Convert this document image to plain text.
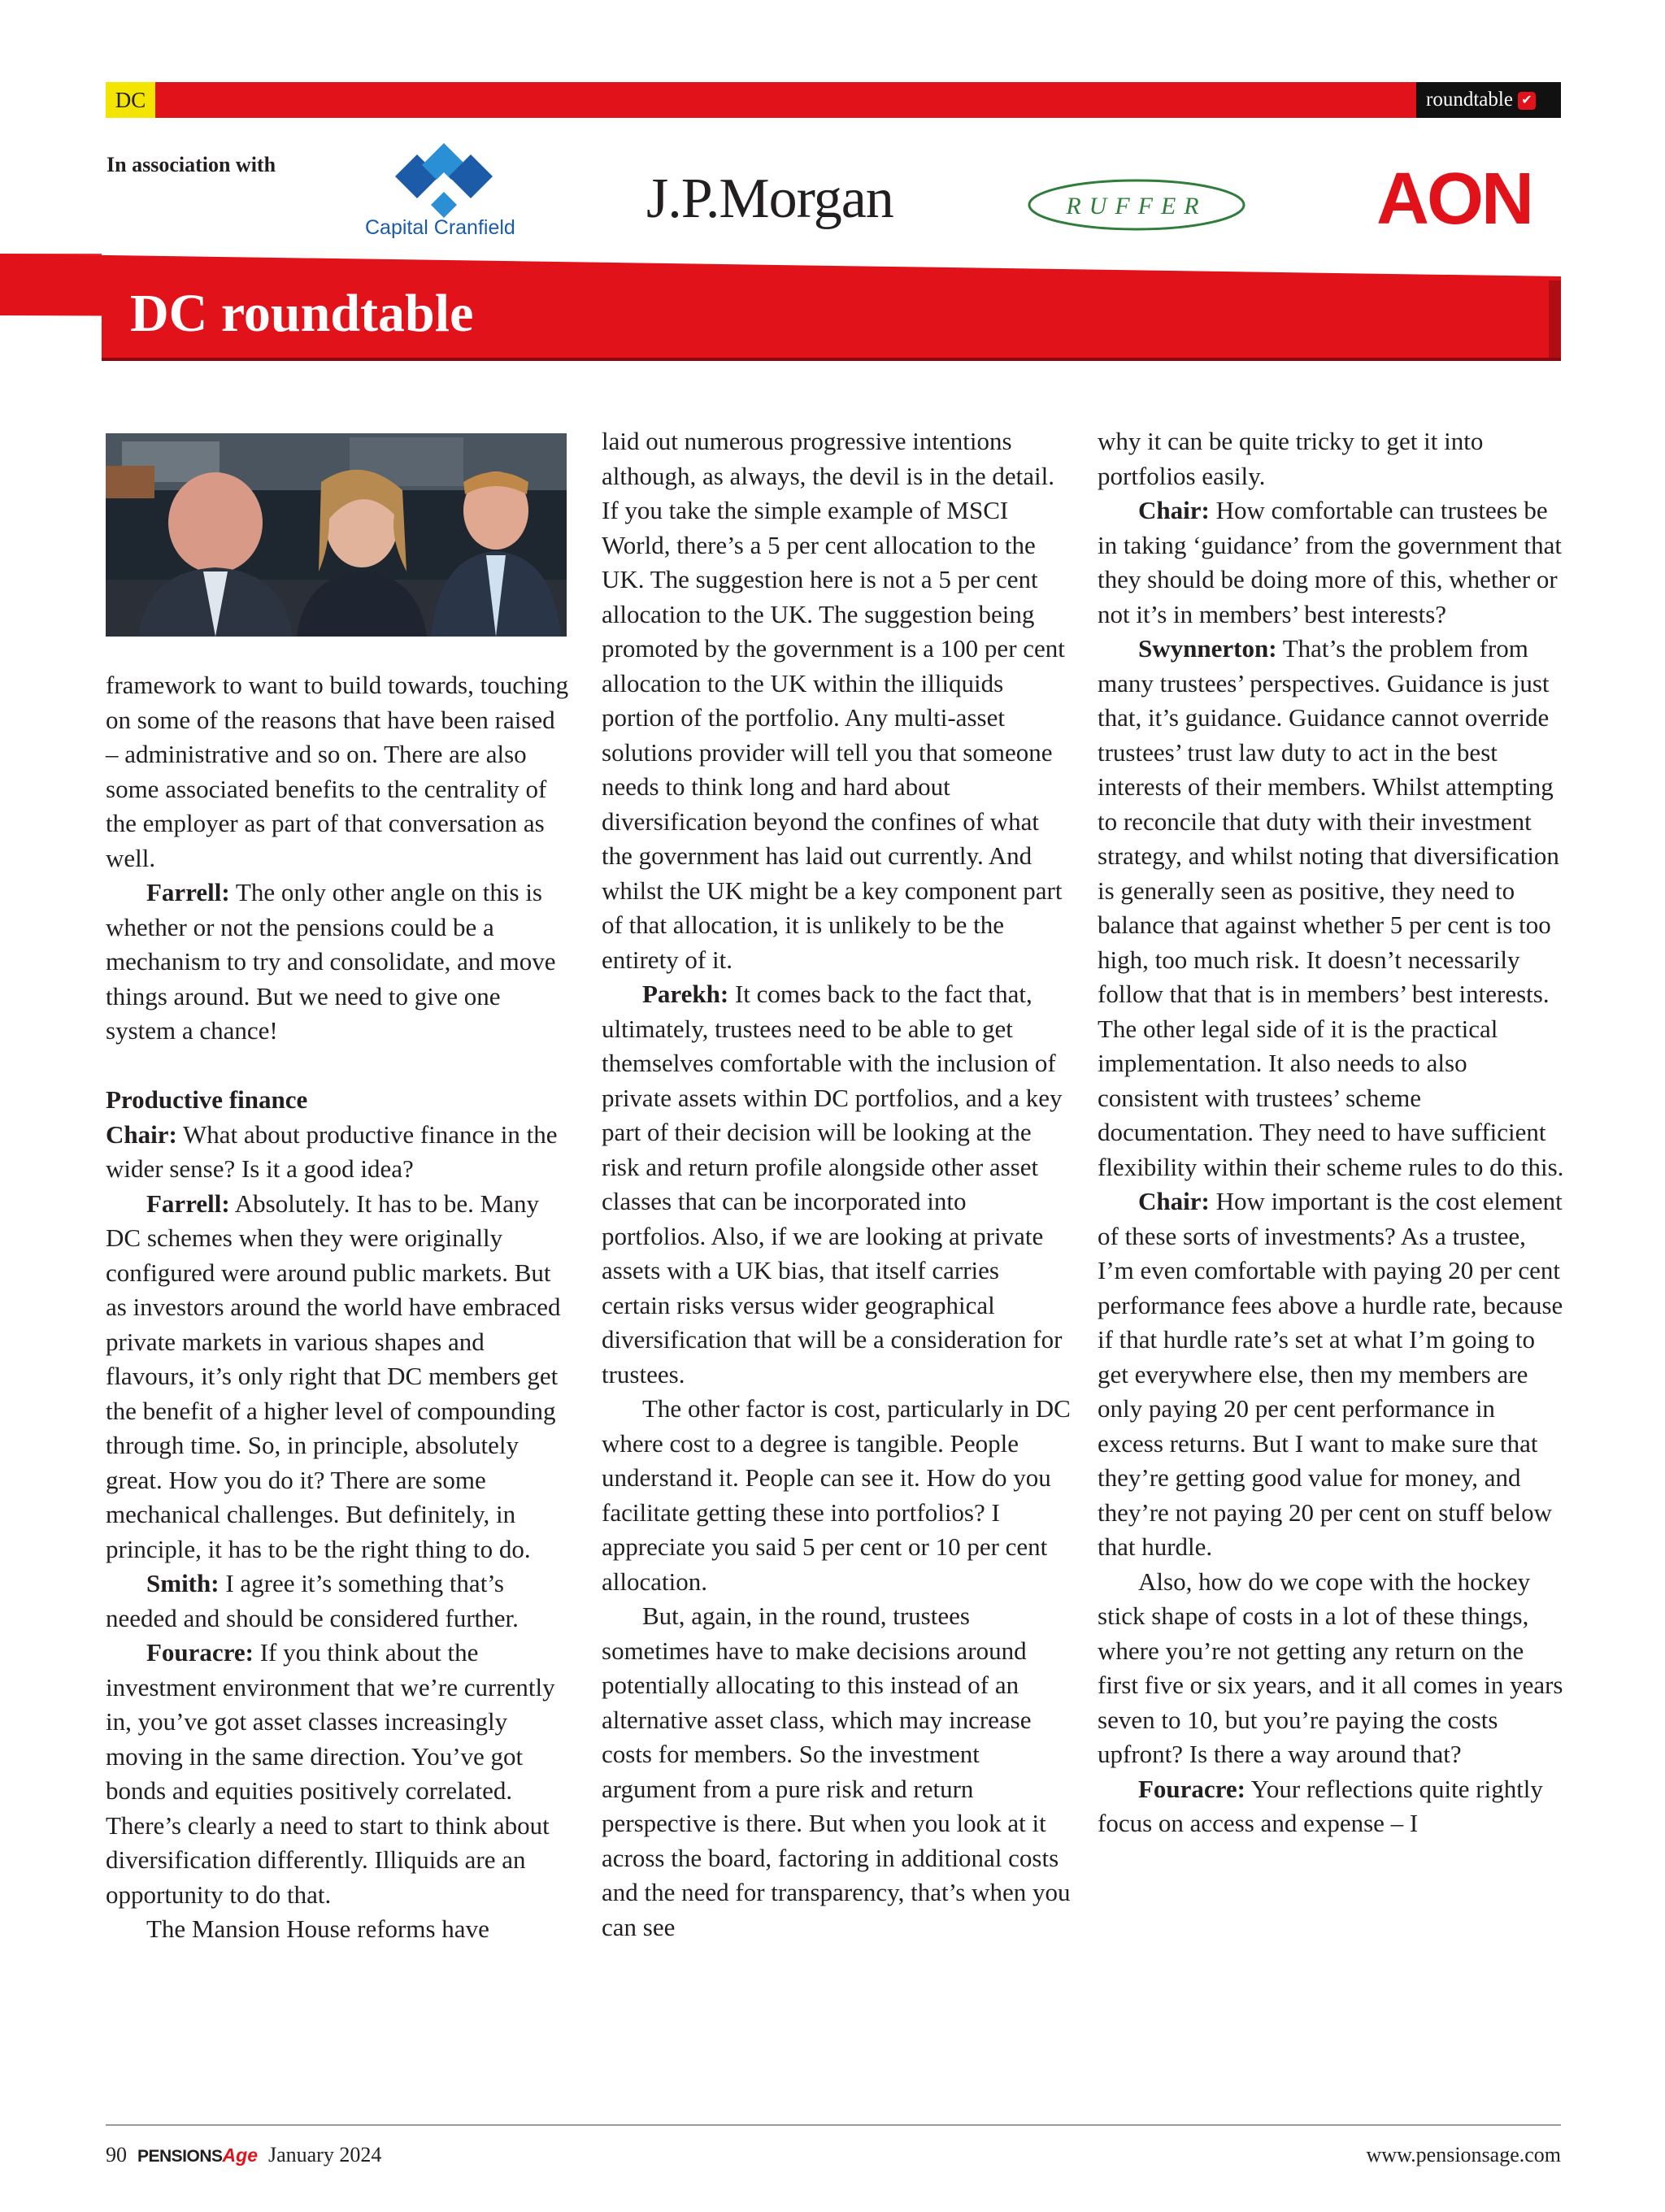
DC	roundtable ✔
In association with
Capital Cranfield J.P.Morgan	RUFFER AON
DC roundtable

framework to want to build towards, touching on some of the reasons that have been raised – administrative and so on. There are also some associated benefits to the centrality of the employer as part of that conversation as well.

Farrell: The only other angle on this is whether or not the pensions could be a mechanism to try and consolidate, and move things around. But we need to give one system a chance!

Productive finance

Chair: What about productive finance in the wider sense? Is it a good idea?

Farrell: Absolutely. It has to be. Many DC schemes when they were originally configured were around public markets. But as investors around the world have embraced private markets in various shapes and flavours, it’s only right that DC members get the benefit of a higher level of compounding through time. So, in principle, absolutely great. How you do it? There are some mechanical challenges. But definitely, in principle, it has to be the right thing to do.

Smith: I agree it’s something that’s needed and should be considered further.

Fouracre: If you think about the investment environment that we’re currently in, you’ve got asset classes increasingly moving in the same direction. You’ve got bonds and equities positively correlated. There’s clearly a need to start to think about diversification differently. Illiquids are an opportunity to do that.

The Mansion House reforms have

laid out numerous progressive intentions although, as always, the devil is in the detail. If you take the simple example of MSCI World, there’s a 5 per cent allocation to the UK. The suggestion here is not a 5 per cent allocation to the UK. The suggestion being promoted by the government is a 100 per cent allocation to the UK within the illiquids portion of the portfolio. Any multi-asset solutions provider will tell you that someone needs to think long and hard about diversification beyond the confines of what the government has laid out currently. And whilst the UK might be a key component part of that allocation, it is unlikely to be the entirety of it.

Parekh: It comes back to the fact that, ultimately, trustees need to be able to get themselves comfortable with the inclusion of private assets within DC portfolios, and a key part of their decision will be looking at the risk and return profile alongside other asset classes that can be incorporated into portfolios. Also, if we are looking at private assets with a UK bias, that itself carries certain risks versus wider geographical diversification that will be a consideration for trustees.

The other factor is cost, particularly in DC where cost to a degree is tangible. People understand it. People can see it. How do you facilitate getting these into portfolios? I appreciate you said 5 per cent or 10 per cent allocation.

But, again, in the round, trustees sometimes have to make decisions around potentially allocating to this instead of an alternative asset class, which may increase costs for members. So the investment argument from a pure risk and return perspective is there. But when you look at it across the board, factoring in additional costs and the need for transparency, that’s when you can see

why it can be quite tricky to get it into portfolios easily.

Chair: How comfortable can trustees be in taking ‘guidance’ from the government that they should be doing more of this, whether or not it’s in members’ best interests?

Swynnerton: That’s the problem from many trustees’ perspectives. Guidance is just that, it’s guidance. Guidance cannot override trustees’ trust law duty to act in the best interests of their members. Whilst attempting to reconcile that duty with their investment strategy, and whilst noting that diversification is generally seen as positive, they need to balance that against whether 5 per cent is too high, too much risk. It doesn’t necessarily follow that that is in members’ best interests. The other legal side of it is the practical implementation. It also needs to also consistent with trustees’ scheme documentation. They need to have sufficient flexibility within their scheme rules to do this.

Chair: How important is the cost element of these sorts of investments? As a trustee, I’m even comfortable with paying 20 per cent performance fees above a hurdle rate, because if that hurdle rate’s set at what I’m going to get everywhere else, then my members are only paying 20 per cent performance in excess returns. But I want to make sure that they’re getting good value for money, and they’re not paying 20 per cent on stuff below that hurdle.

Also, how do we cope with the hockey stick shape of costs in a lot of these things, where you’re not getting any return on the first five or six years, and it all comes in years seven to 10, but you’re paying the costs upfront? Is there a way around that?

Fouracre: Your reflections quite rightly focus on access and expense – I

90 PENSIONSAge January 2024	www.pensionsage.com
